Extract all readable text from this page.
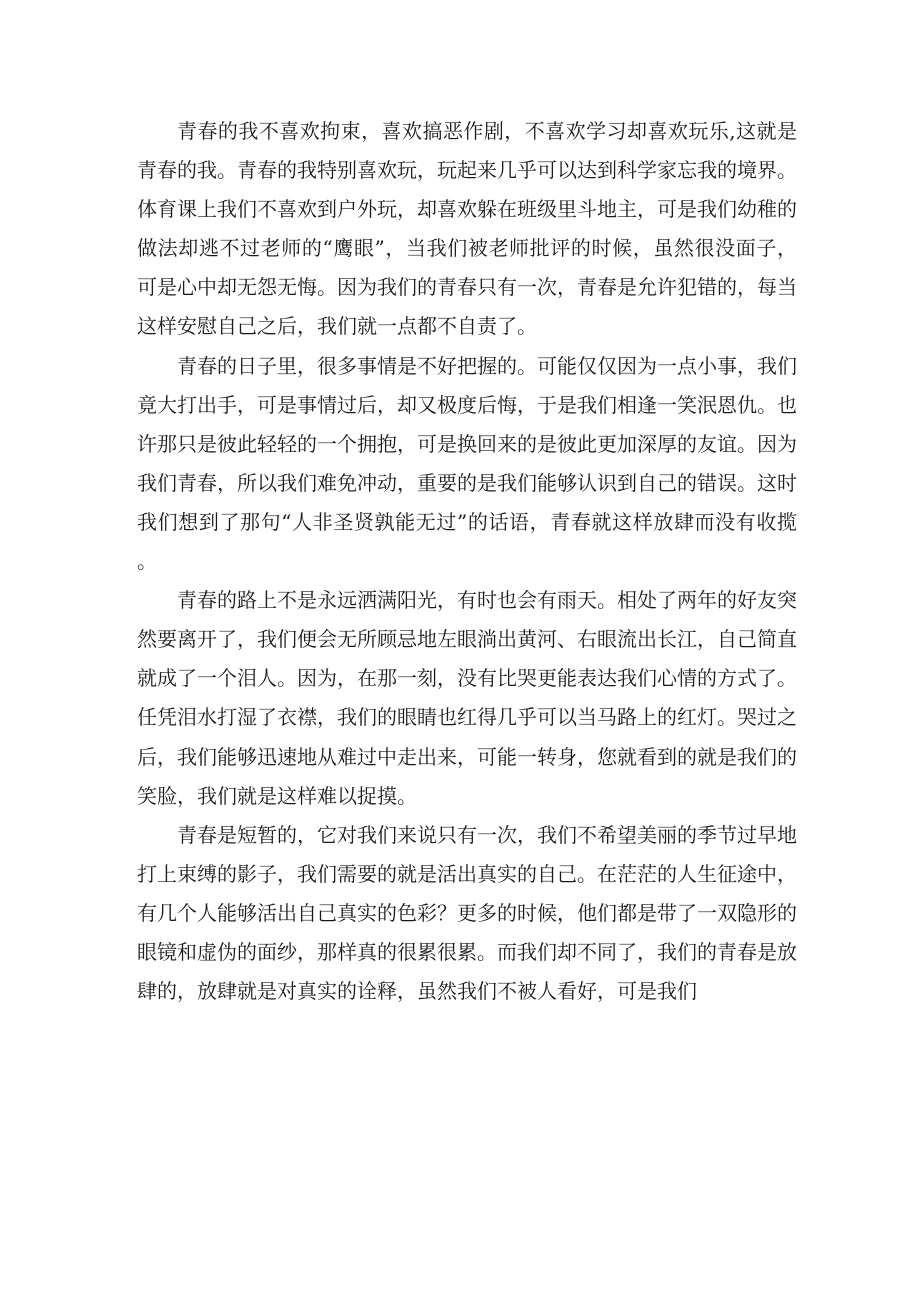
青春的我不喜欢拘束，喜欢搞恶作剧，不喜欢学习却喜欢玩乐,这就是青春的我。青春的我特别喜欢玩，玩起来几乎可以达到科学家忘我的境界。体育课上我们不喜欢到户外玩，却喜欢躲在班级里斗地主，可是我们幼稚的做法却逃不过老师的“鹰眼”，当我们被老师批评的时候，虽然很没面子，可是心中却无怨无悔。因为我们的青春只有一次，青春是允许犯错的，每当这样安慰自己之后，我们就一点都不自责了。

青春的日子里，很多事情是不好把握的。可能仅仅因为一点小事，我们竟大打出手，可是事情过后，却又极度后悔，于是我们相逢一笑泯恩仇。也许那只是彼此轻轻的一个拥抱，可是换回来的是彼此更加深厚的友谊。因为我们青春，所以我们难免冲动，重要的是我们能够认识到自己的错误。这时我们想到了那句“人非圣贤孰能无过”的话语，青春就这样放肆而没有收揽。

青春的路上不是永远洒满阳光，有时也会有雨天。相处了两年的好友突然要离开了，我们便会无所顾忌地左眼淌出黄河、右眼流出长江，自己简直就成了一个泪人。因为，在那一刻，没有比哭更能表达我们心情的方式了。任凭泪水打湿了衣襟，我们的眼睛也红得几乎可以当马路上的红灯。哭过之后，我们能够迅速地从难过中走出来，可能一转身，您就看到的就是我们的笑脸，我们就是这样难以捉摸。

青春是短暂的，它对我们来说只有一次，我们不希望美丽的季节过早地打上束缚的影子，我们需要的就是活出真实的自己。在茫茫的人生征途中，有几个人能够活出自己真实的色彩？更多的时候，他们都是带了一双隐形的眼镜和虚伪的面纱，那样真的很累很累。而我们却不同了，我们的青春是放肆的，放肆就是对真实的诠释，虽然我们不被人看好，可是我们
